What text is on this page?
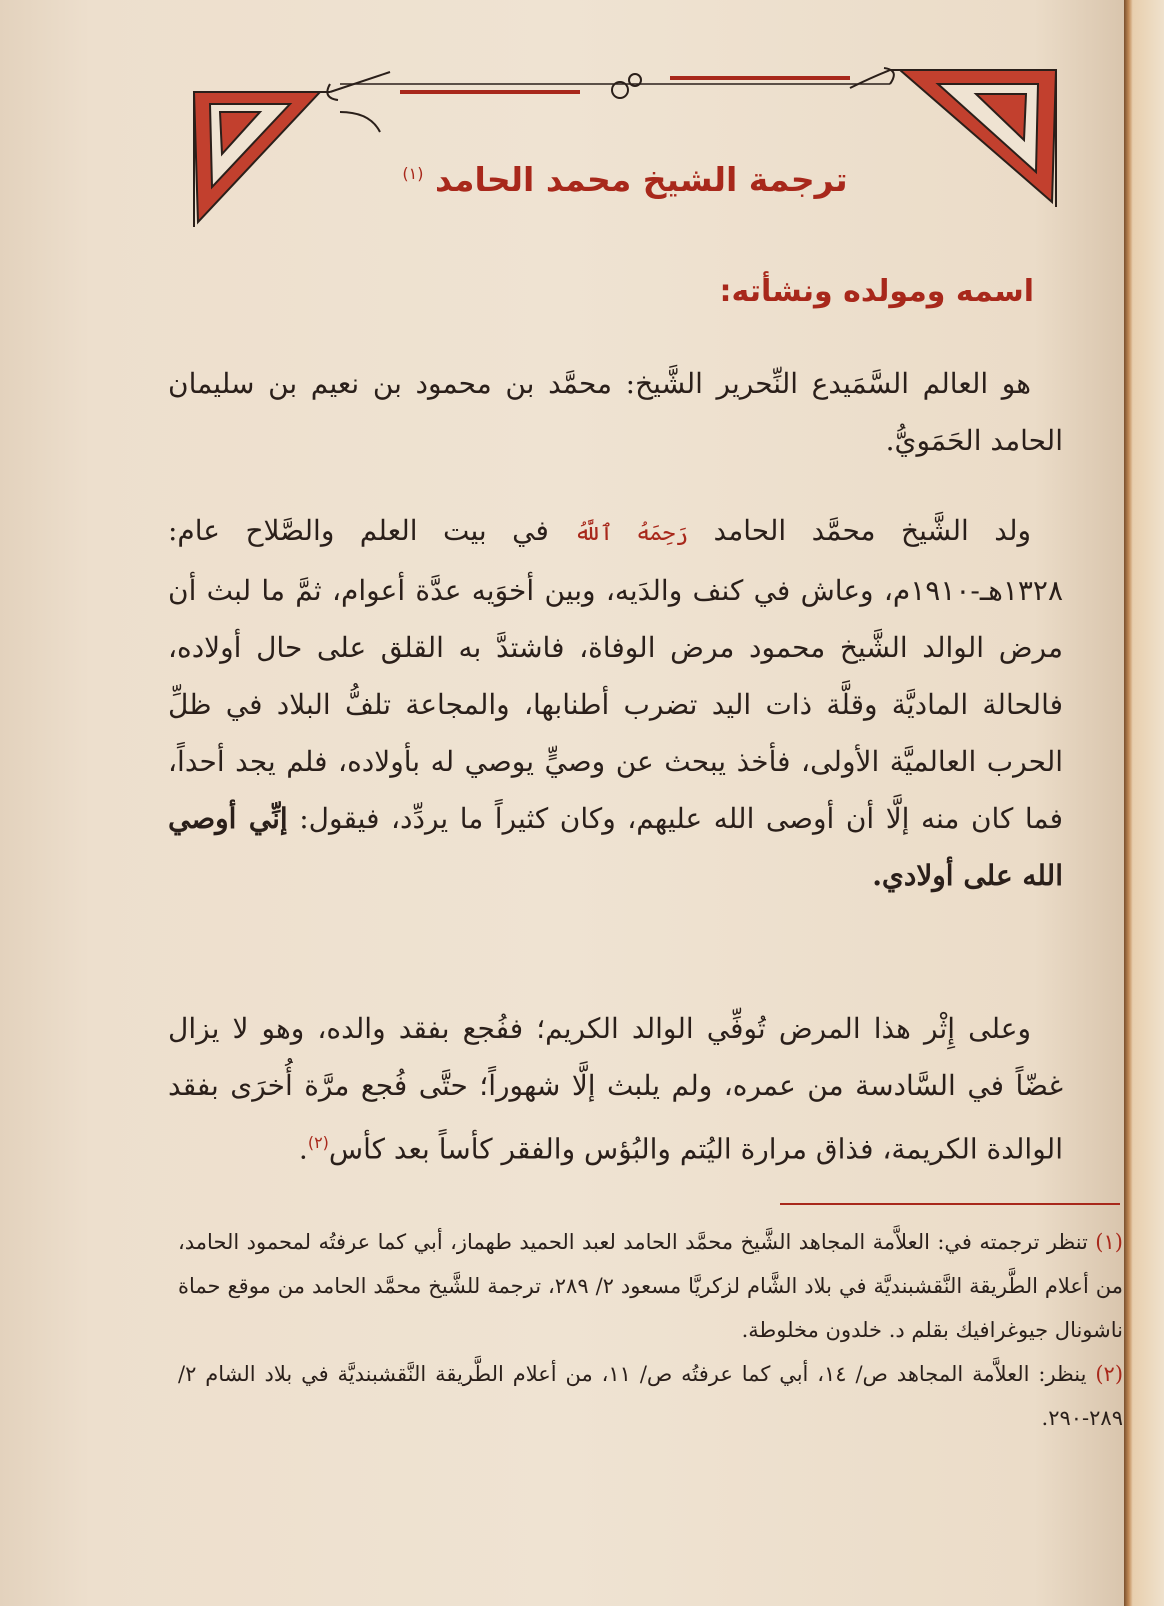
ترجمة الشيخ محمد الحامد $^{(١)}$
اسمه ومولده ونشأته:

هو العالم السَّمَيدع النِّحرير الشَّيخ: محمَّد بن محمود بن نعيم بن سليمان الحامد الحَمَويُّ.

ولد الشَّيخ محمَّد الحامد رَحِمَهُ ٱللَّهُ في بيت العلم والصَّلاح عام: ١٣٢٨هـ-١٩١٠م، وعاش في كنف والدَيه، وبين أخوَيه عدَّة أعوام، ثمَّ ما لبث أن مرض الوالد الشَّيخ محمود مرض الوفاة، فاشتدَّ به القلق على حال أولاده، فالحالة الماديَّة وقلَّة ذات اليد تضرب أطنابها، والمجاعة تلفُّ البلاد في ظلِّ الحرب العالميَّة الأولى، فأخذ يبحث عن وصيٍّ يوصي له بأولاده، فلم يجد أحداً، فما كان منه إلَّا أن أوصى الله عليهم، وكان كثيراً ما يردِّد، فيقول: إنِّي أوصي الله على أولادي.

وعلى إِثْر هذا المرض تُوفِّي الوالد الكريم؛ ففُجع بفقد والده، وهو لا يزال غضّاً في السَّادسة من عمره، ولم يلبث إلَّا شهوراً؛ حتَّى فُجع مرَّة أُخرَى بفقد الوالدة الكريمة، فذاق مرارة اليُتم والبُؤس والفقر كأساً بعد كأس$^{(٢)}$.

(١) تنظر ترجمته في: العلاَّمة المجاهد الشَّيخ محمَّد الحامد لعبد الحميد طهماز، أبي كما عرفتُه لمحمود الحامد، من أعلام الطَّريقة النَّقشبنديَّة في بلاد الشَّام لزكريَّا مسعود ٢/ ٢٨٩، ترجمة للشَّيخ محمَّد الحامد من موقع حماة ناشونال جيوغرافيك بقلم د. خلدون مخلوطة.

(٢) ينظر: العلاَّمة المجاهد ص/ ١٤، أبي كما عرفتُه ص/ ١١، من أعلام الطَّريقة النَّقشبنديَّة في بلاد الشام ٢/ ٢٨٩-٢٩٠.
